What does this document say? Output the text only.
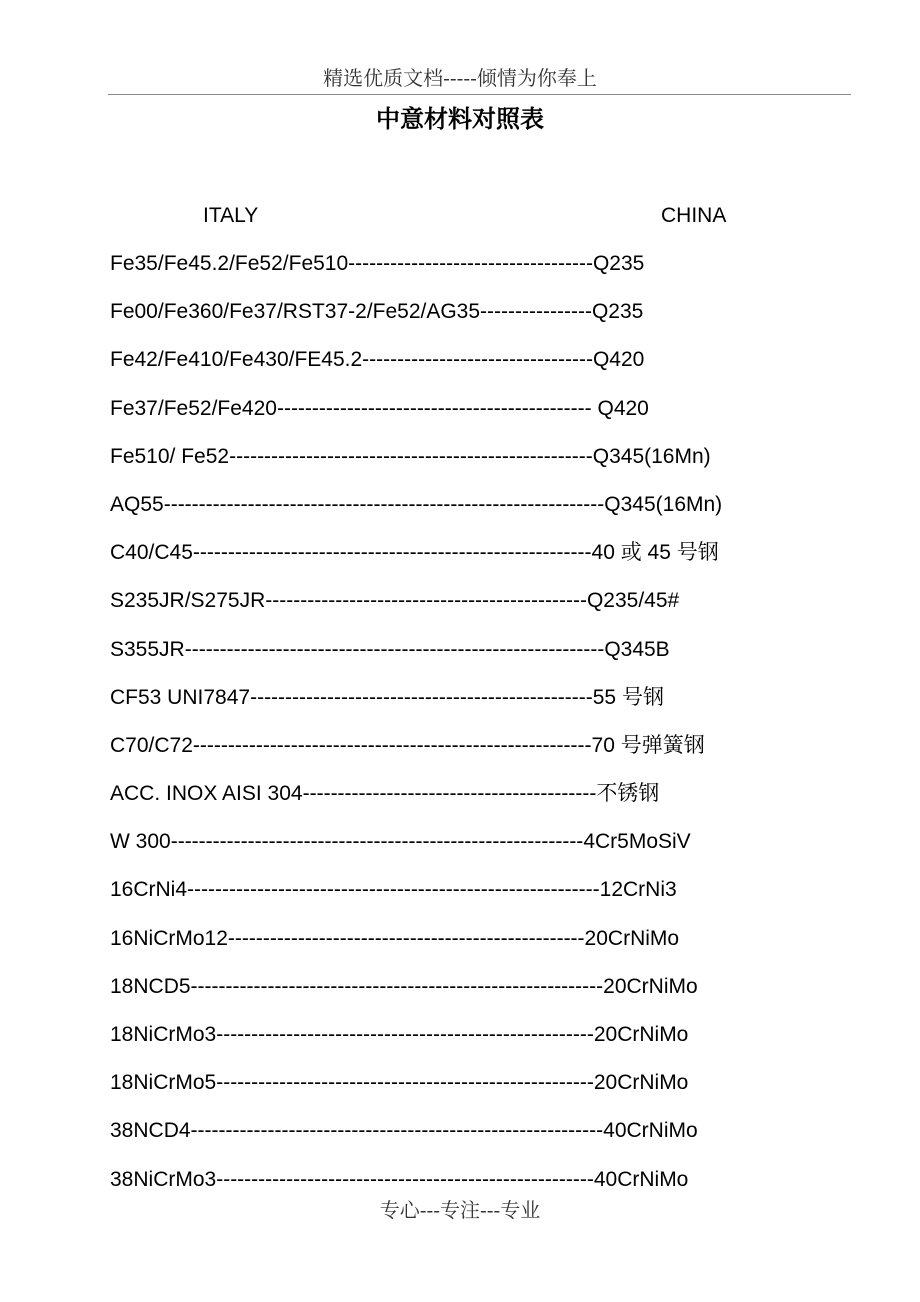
精选优质文档-----倾情为你奉上
中意材料对照表
ITALY	CHINA
Fe35/Fe45.2/Fe52/Fe510-----------------------------------Q235
Fe00/Fe360/Fe37/RST37-2/Fe52/AG35----------------Q235
Fe42/Fe410/Fe430/FE45.2---------------------------------Q420
Fe37/Fe52/Fe420--------------------------------------------- Q420
Fe510/ Fe52----------------------------------------------------Q345(16Mn)
AQ55---------------------------------------------------------------Q345(16Mn)
C40/C45---------------------------------------------------------40 或 45 号钢
S235JR/S275JR----------------------------------------------Q235/45#
S355JR------------------------------------------------------------Q345B
CF53 UNI7847-------------------------------------------------55 号钢
C70/C72---------------------------------------------------------70 号弹簧钢
ACC. INOX AISI 304------------------------------------------不锈钢
W 300-----------------------------------------------------------4Cr5MoSiV
16CrNi4-----------------------------------------------------------12CrNi3
16NiCrMo12---------------------------------------------------20CrNiMo
18NCD5-----------------------------------------------------------20CrNiMo
18NiCrMo3------------------------------------------------------20CrNiMo
18NiCrMo5------------------------------------------------------20CrNiMo
38NCD4-----------------------------------------------------------40CrNiMo
38NiCrMo3------------------------------------------------------40CrNiMo
专心---专注---专业
